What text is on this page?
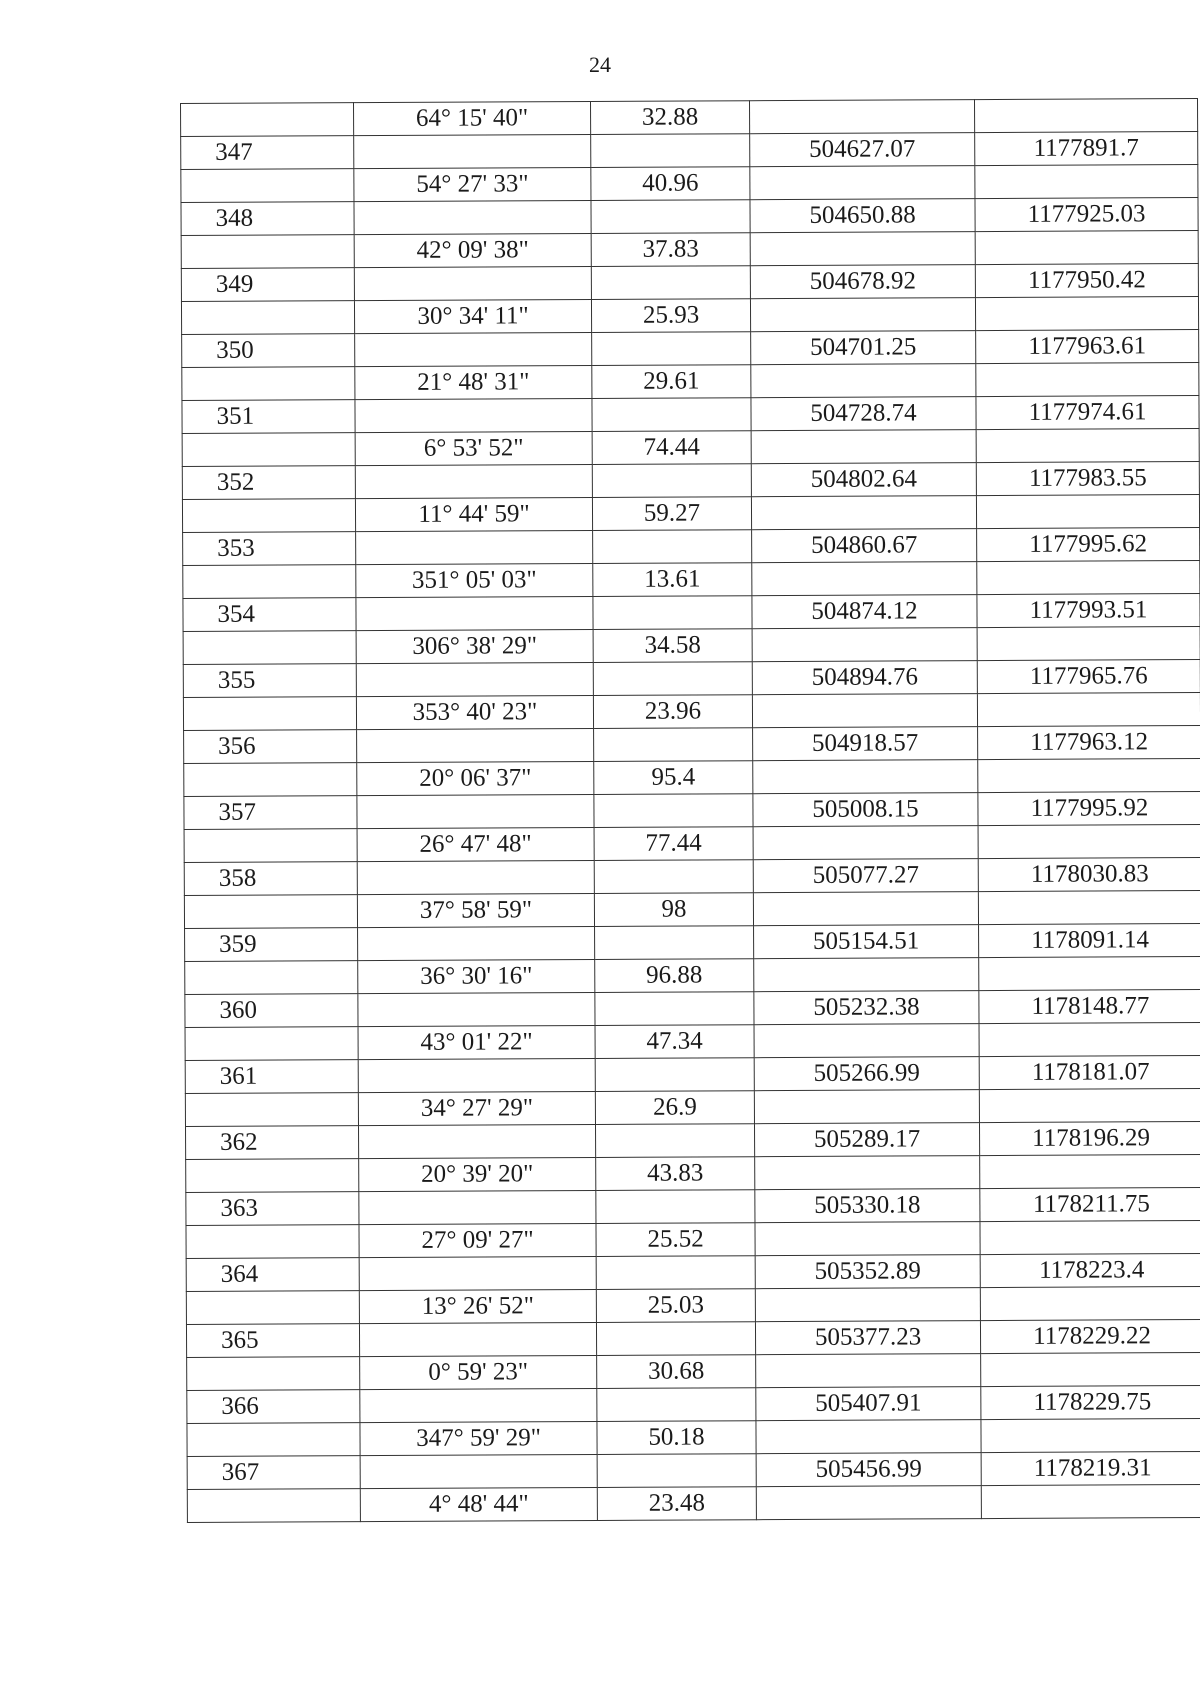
24
	64° 15' 40"	32.88		
347			504627.07	1177891.7
	54° 27' 33"	40.96		
348			504650.88	1177925.03
	42° 09' 38"	37.83		
349			504678.92	1177950.42
	30° 34' 11"	25.93		
350			504701.25	1177963.61
	21° 48' 31"	29.61		
351			504728.74	1177974.61
	6° 53' 52"	74.44		
352			504802.64	1177983.55
	11° 44' 59"	59.27		
353			504860.67	1177995.62
	351° 05' 03"	13.61		
354			504874.12	1177993.51
	306° 38' 29"	34.58		
355			504894.76	1177965.76
	353° 40' 23"	23.96		
356			504918.57	1177963.12
	20° 06' 37"	95.4		
357			505008.15	1177995.92
	26° 47' 48"	77.44		
358			505077.27	1178030.83
	37° 58' 59"	98		
359			505154.51	1178091.14
	36° 30' 16"	96.88		
360			505232.38	1178148.77
	43° 01' 22"	47.34		
361			505266.99	1178181.07
	34° 27' 29"	26.9		
362			505289.17	1178196.29
	20° 39' 20"	43.83		
363			505330.18	1178211.75
	27° 09' 27"	25.52		
364			505352.89	1178223.4
	13° 26' 52"	25.03		
365			505377.23	1178229.22
	0° 59' 23"	30.68		
366			505407.91	1178229.75
	347° 59' 29"	50.18		
367			505456.99	1178219.31
	4° 48' 44"	23.48		
